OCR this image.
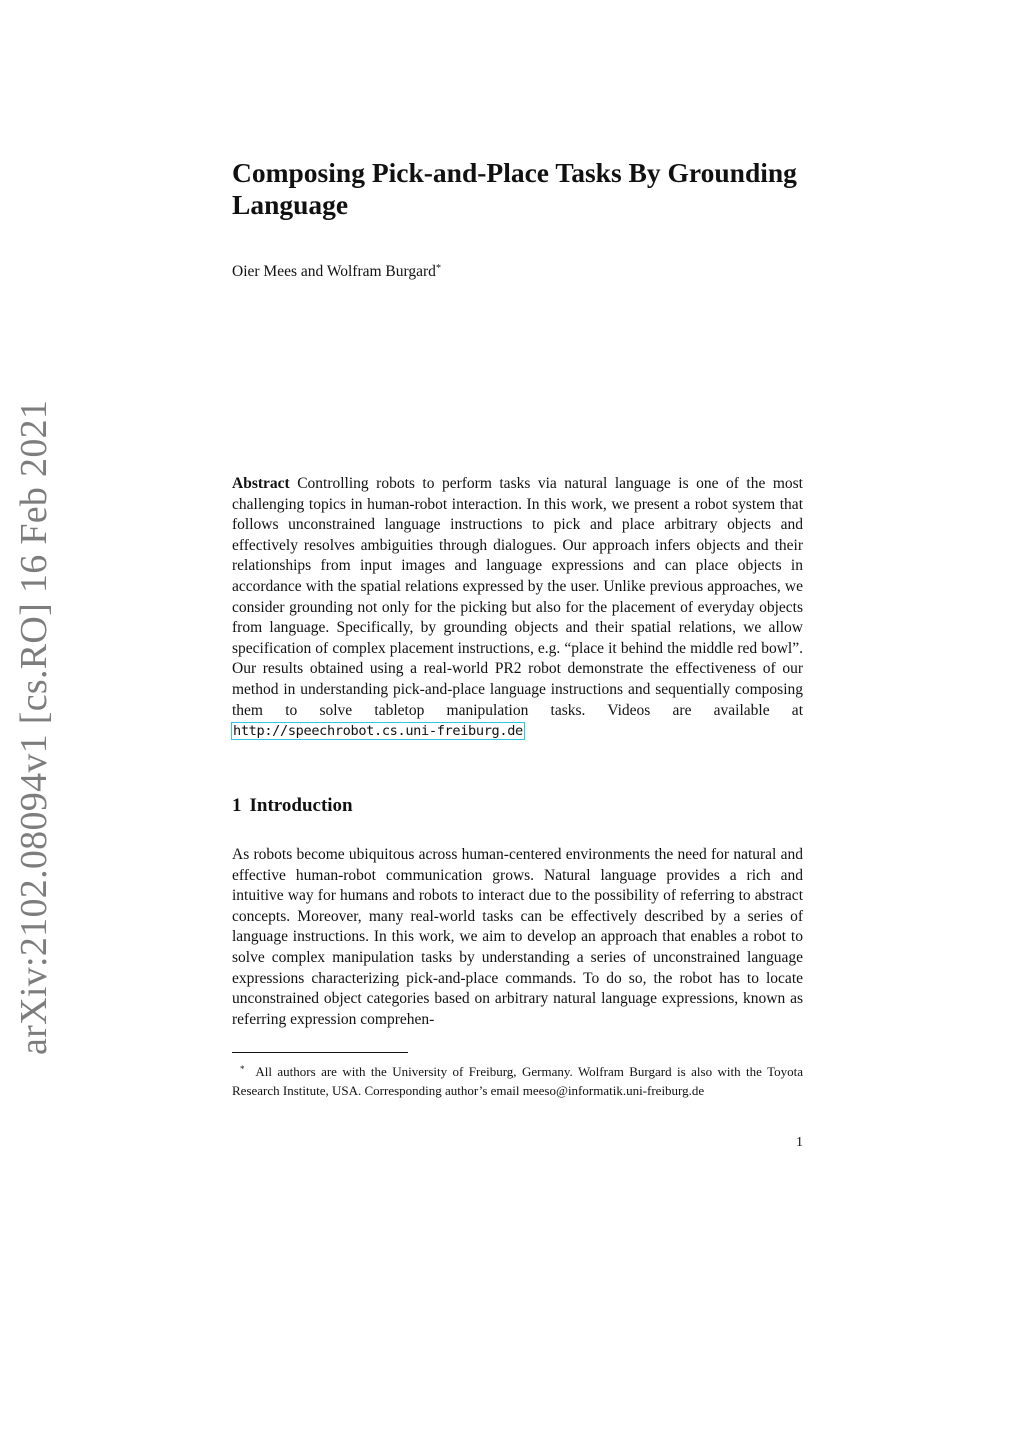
arXiv:2102.08094v1 [cs.RO] 16 Feb 2021
Composing Pick-and-Place Tasks By Grounding Language
Oier Mees and Wolfram Burgard*

Abstract Controlling robots to perform tasks via natural language is one of the most challenging topics in human-robot interaction. In this work, we present a robot system that follows unconstrained language instructions to pick and place arbitrary objects and effectively resolves ambiguities through dialogues. Our approach infers objects and their relationships from input images and language expressions and can place objects in accordance with the spatial relations expressed by the user. Unlike previous approaches, we consider grounding not only for the picking but also for the placement of everyday objects from language. Specifically, by grounding objects and their spatial relations, we allow specification of complex placement instructions, e.g. “place it behind the middle red bowl”. Our results obtained using a real-world PR2 robot demonstrate the effectiveness of our method in understanding pick-and-place language instructions and sequentially composing them to solve tabletop manipulation tasks. Videos are available at http://speechrobot.cs.uni-freiburg.de

1 Introduction

As robots become ubiquitous across human-centered environments the need for natural and effective human-robot communication grows. Natural language provides a rich and intuitive way for humans and robots to interact due to the possibility of referring to abstract concepts. Moreover, many real-world tasks can be effectively described by a series of language instructions. In this work, we aim to develop an approach that enables a robot to solve complex manipulation tasks by understanding a series of unconstrained language expressions characterizing pick-and-place commands. To do so, the robot has to locate unconstrained object categories based on arbitrary natural language expressions, known as referring expression comprehen-

* All authors are with the University of Freiburg, Germany. Wolfram Burgard is also with the Toyota Research Institute, USA. Corresponding author’s email meeso@informatik.uni-freiburg.de

1
